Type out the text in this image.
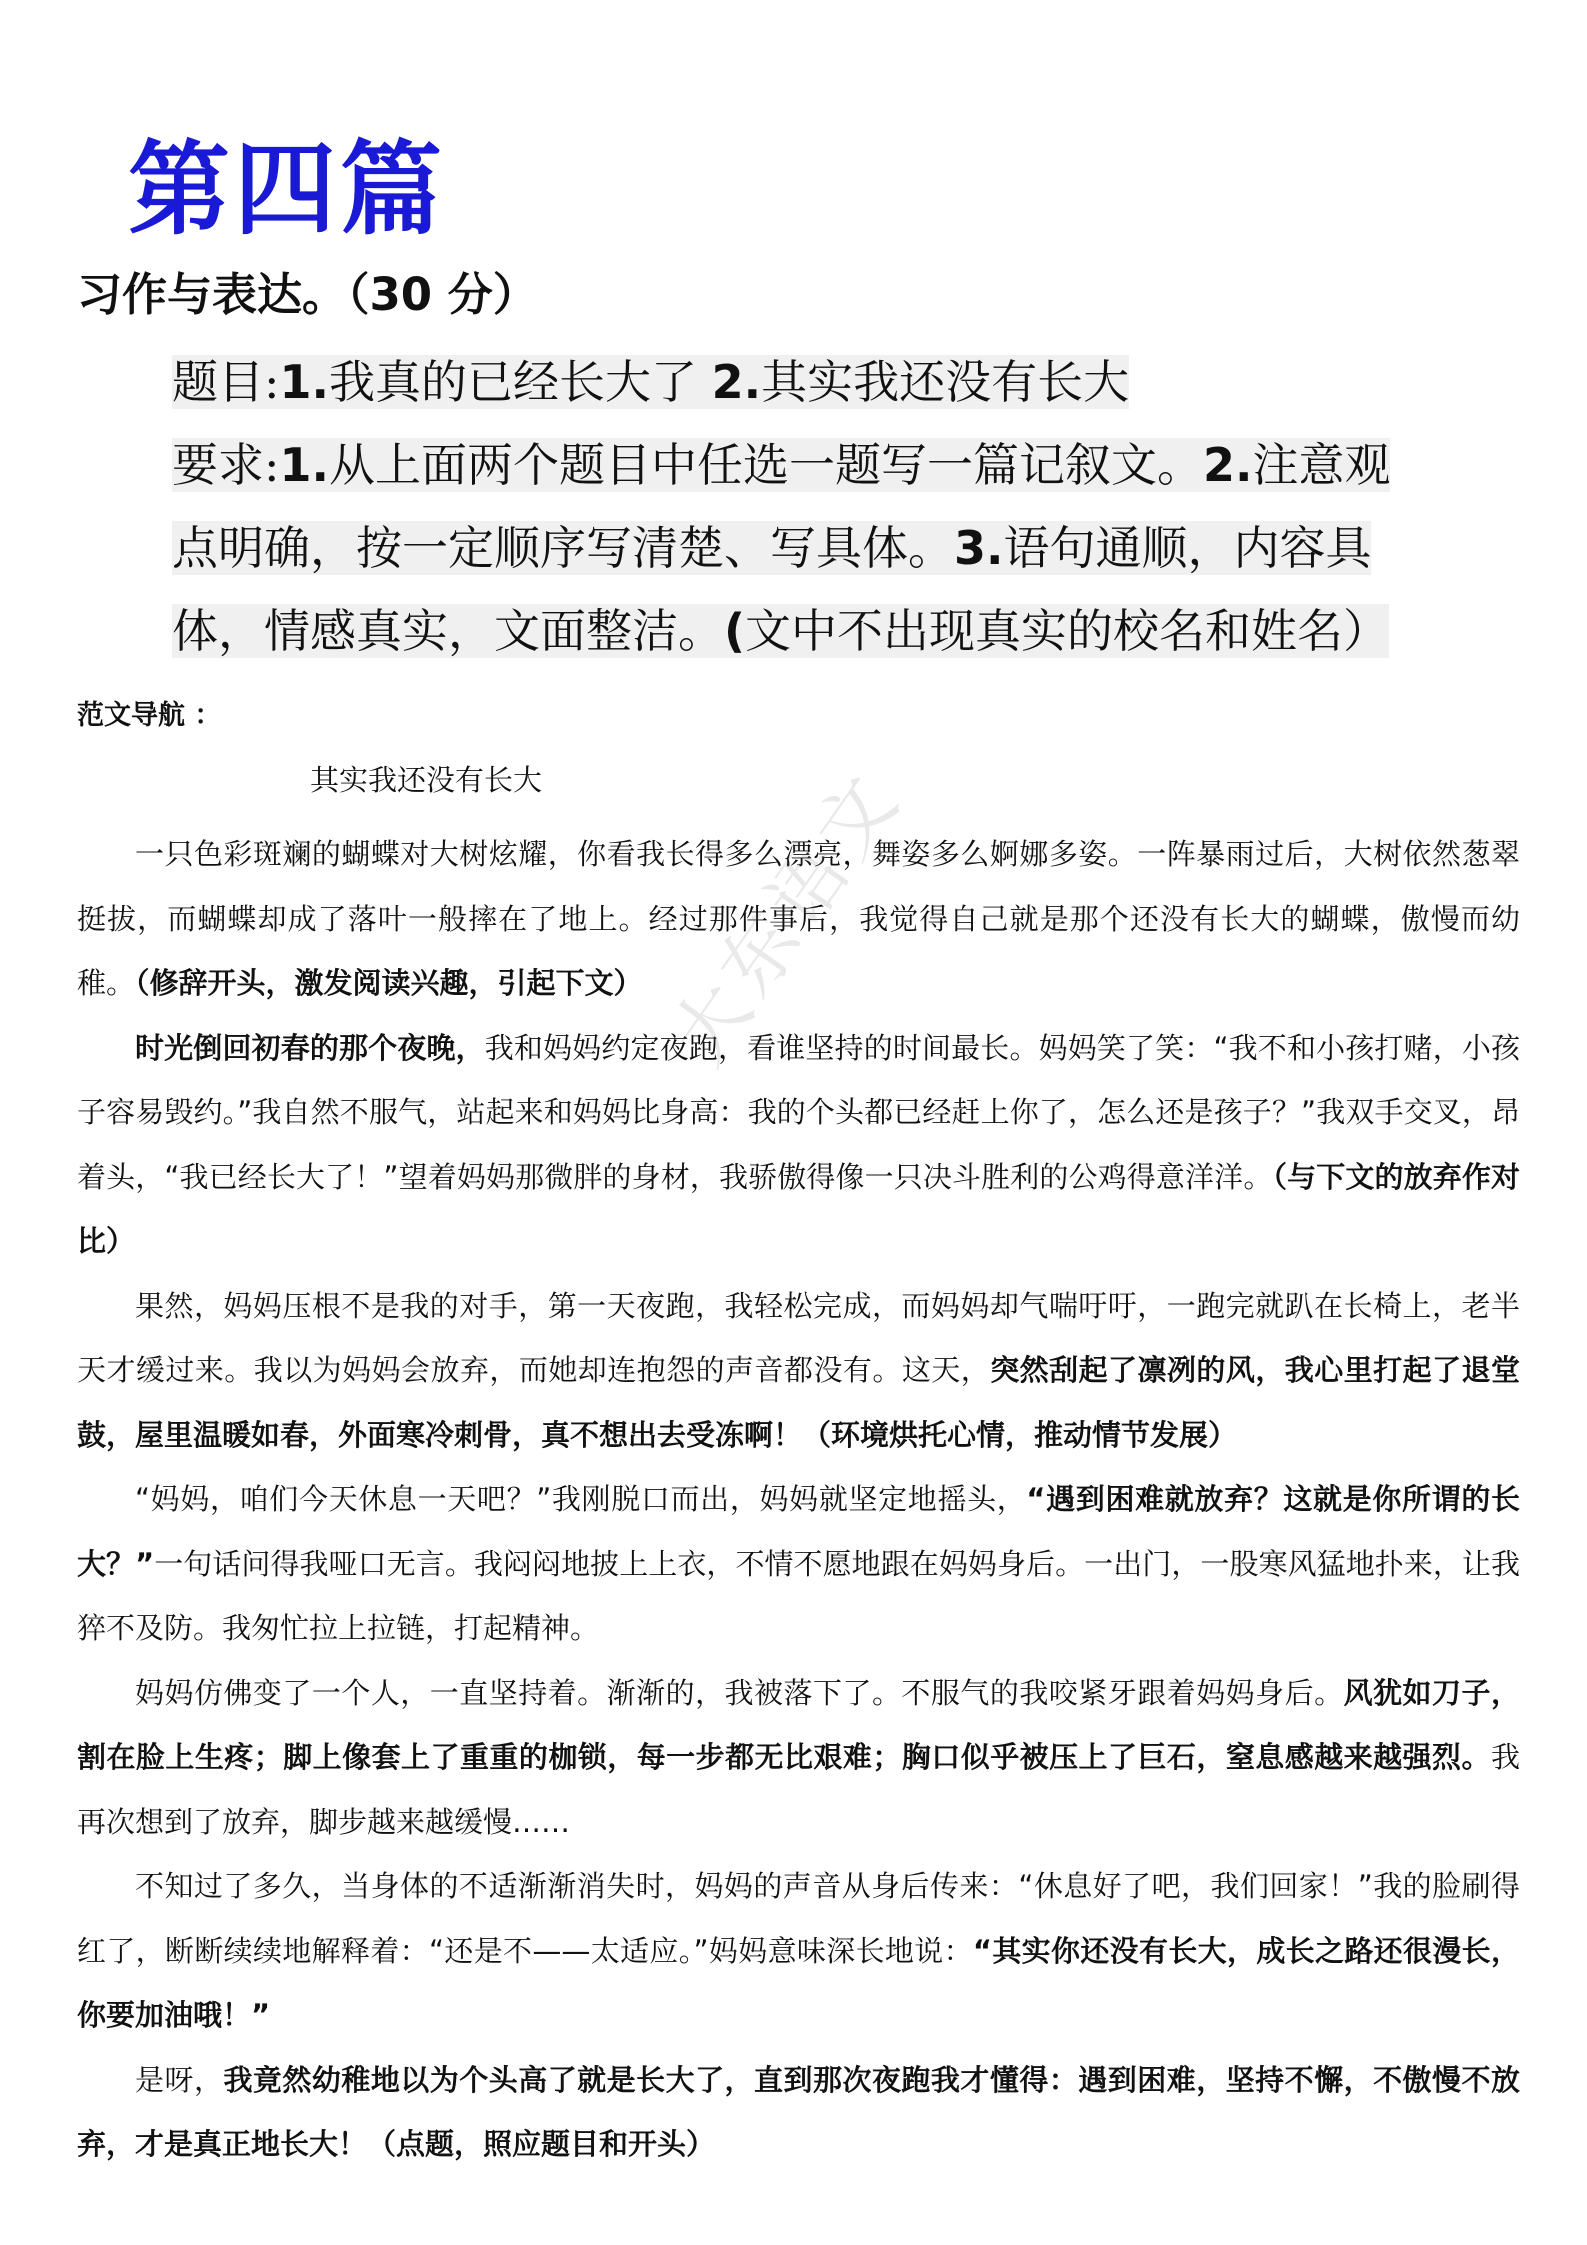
第四篇
习作与表达。（30 分）
题目:1.我真的已经长大了 2.其实我还没有长大
要求:1.从上面两个题目中任选一题写一篇记叙文。2.注意观
点明确，按一定顺序写清楚、写具体。3.语句通顺，内容具
体，情感真实，文面整洁。(文中不出现真实的校名和姓名）
范文导航 ：
其实我还没有长大

一只色彩斑斓的蝴蝶对大树炫耀，你看我长得多么漂亮，舞姿多么婀娜多姿。一阵暴雨过后，大树依然葱翠挺拔，而蝴蝶却成了落叶一般摔在了地上。经过那件事后，我觉得自己就是那个还没有长大的蝴蝶，傲慢而幼稚。（修辞开头，激发阅读兴趣，引起下文）

时光倒回初春的那个夜晚，我和妈妈约定夜跑，看谁坚持的时间最长。妈妈笑了笑：“我不和小孩打赌，小孩子容易毁约。”我自然不服气，站起来和妈妈比身高：我的个头都已经赶上你了，怎么还是孩子？”我双手交叉，昂着头，“我已经长大了！”望着妈妈那微胖的身材，我骄傲得像一只决斗胜利的公鸡得意洋洋。（与下文的放弃作对比）

果然，妈妈压根不是我的对手，第一天夜跑，我轻松完成，而妈妈却气喘吁吁，一跑完就趴在长椅上，老半天才缓过来。我以为妈妈会放弃，而她却连抱怨的声音都没有。这天，突然刮起了凛冽的风，我心里打起了退堂鼓，屋里温暖如春，外面寒冷刺骨，真不想出去受冻啊！（环境烘托心情，推动情节发展）

“妈妈，咱们今天休息一天吧？”我刚脱口而出，妈妈就坚定地摇头，“遇到困难就放弃？这就是你所谓的长大？”一句话问得我哑口无言。我闷闷地披上上衣，不情不愿地跟在妈妈身后。一出门，一股寒风猛地扑来，让我猝不及防。我匆忙拉上拉链，打起精神。

妈妈仿佛变了一个人，一直坚持着。渐渐的，我被落下了。不服气的我咬紧牙跟着妈妈身后。风犹如刀子，割在脸上生疼；脚上像套上了重重的枷锁，每一步都无比艰难；胸口似乎被压上了巨石，窒息感越来越强烈。我再次想到了放弃，脚步越来越缓慢……

不知过了多久，当身体的不适渐渐消失时，妈妈的声音从身后传来：“休息好了吧，我们回家！”我的脸刷得红了，断断续续地解释着：“还是不——太适应。”妈妈意味深长地说：“其实你还没有长大，成长之路还很漫长，你要加油哦！”

是呀，我竟然幼稚地以为个头高了就是长大了，直到那次夜跑我才懂得：遇到困难，坚持不懈，不傲慢不放弃，才是真正地长大！（点题，照应题目和开头）

大东语文
